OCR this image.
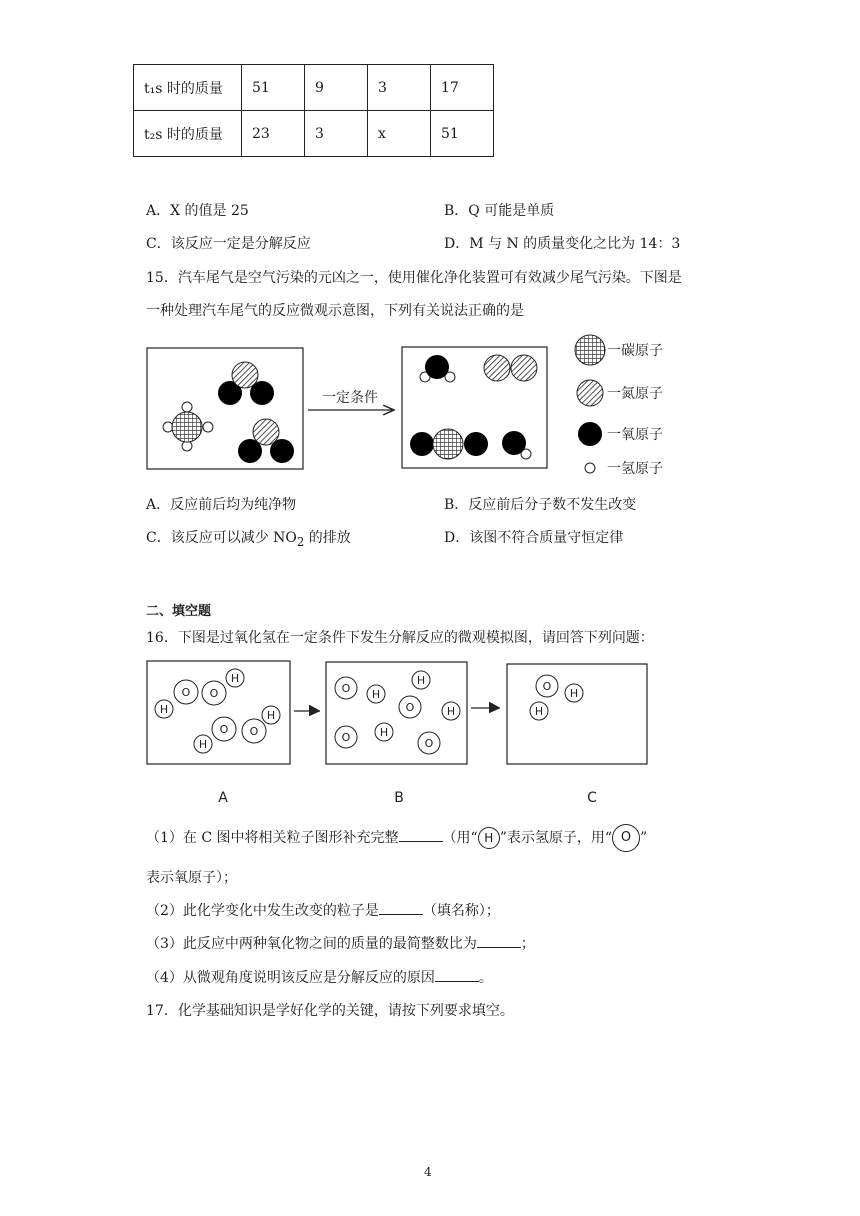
t₁s 时的质量	51	9	3	17
t₂s 时的质量	23	3	x	51
A．X 的值是 25	B．Q 可能是单质
C．该反应一定是分解反应	D．M 与 N 的质量变化之比为 14：3
15．汽车尾气是空气污染的元凶之一，使用催化净化装置可有效减少尾气污染。下图是
一种处理汽车尾气的反应微观示意图，下列有关说法正确的是
一定条件
一碳原子
一氮原子
一氧原子
一氢原子
A．反应前后均为纯净物	B．反应前后分子数不发生改变
C．该反应可以减少 $NO_2$ 的排放	D．该图不符合质量守恒定律
二、填空题
16．下图是过氧化氢在一定条件下发生分解反应的微观模拟图，请回答下列问题：
H
O O
H
H
O O
H
O H
H
O	H
O	H
O
O
H
H
A	B	C
（1）在 C 图中将相关粒子图形补充完整	（用“ H ”表示氢原子，用“ O ”
表示氧原子）；
（2）此化学变化中发生改变的粒子是	（填名称）；
（3）此反应中两种氧化物之间的质量的最简整数比为	；
（4）从微观角度说明该反应是分解反应的原因	。
17．化学基础知识是学好化学的关键，请按下列要求填空。
4
